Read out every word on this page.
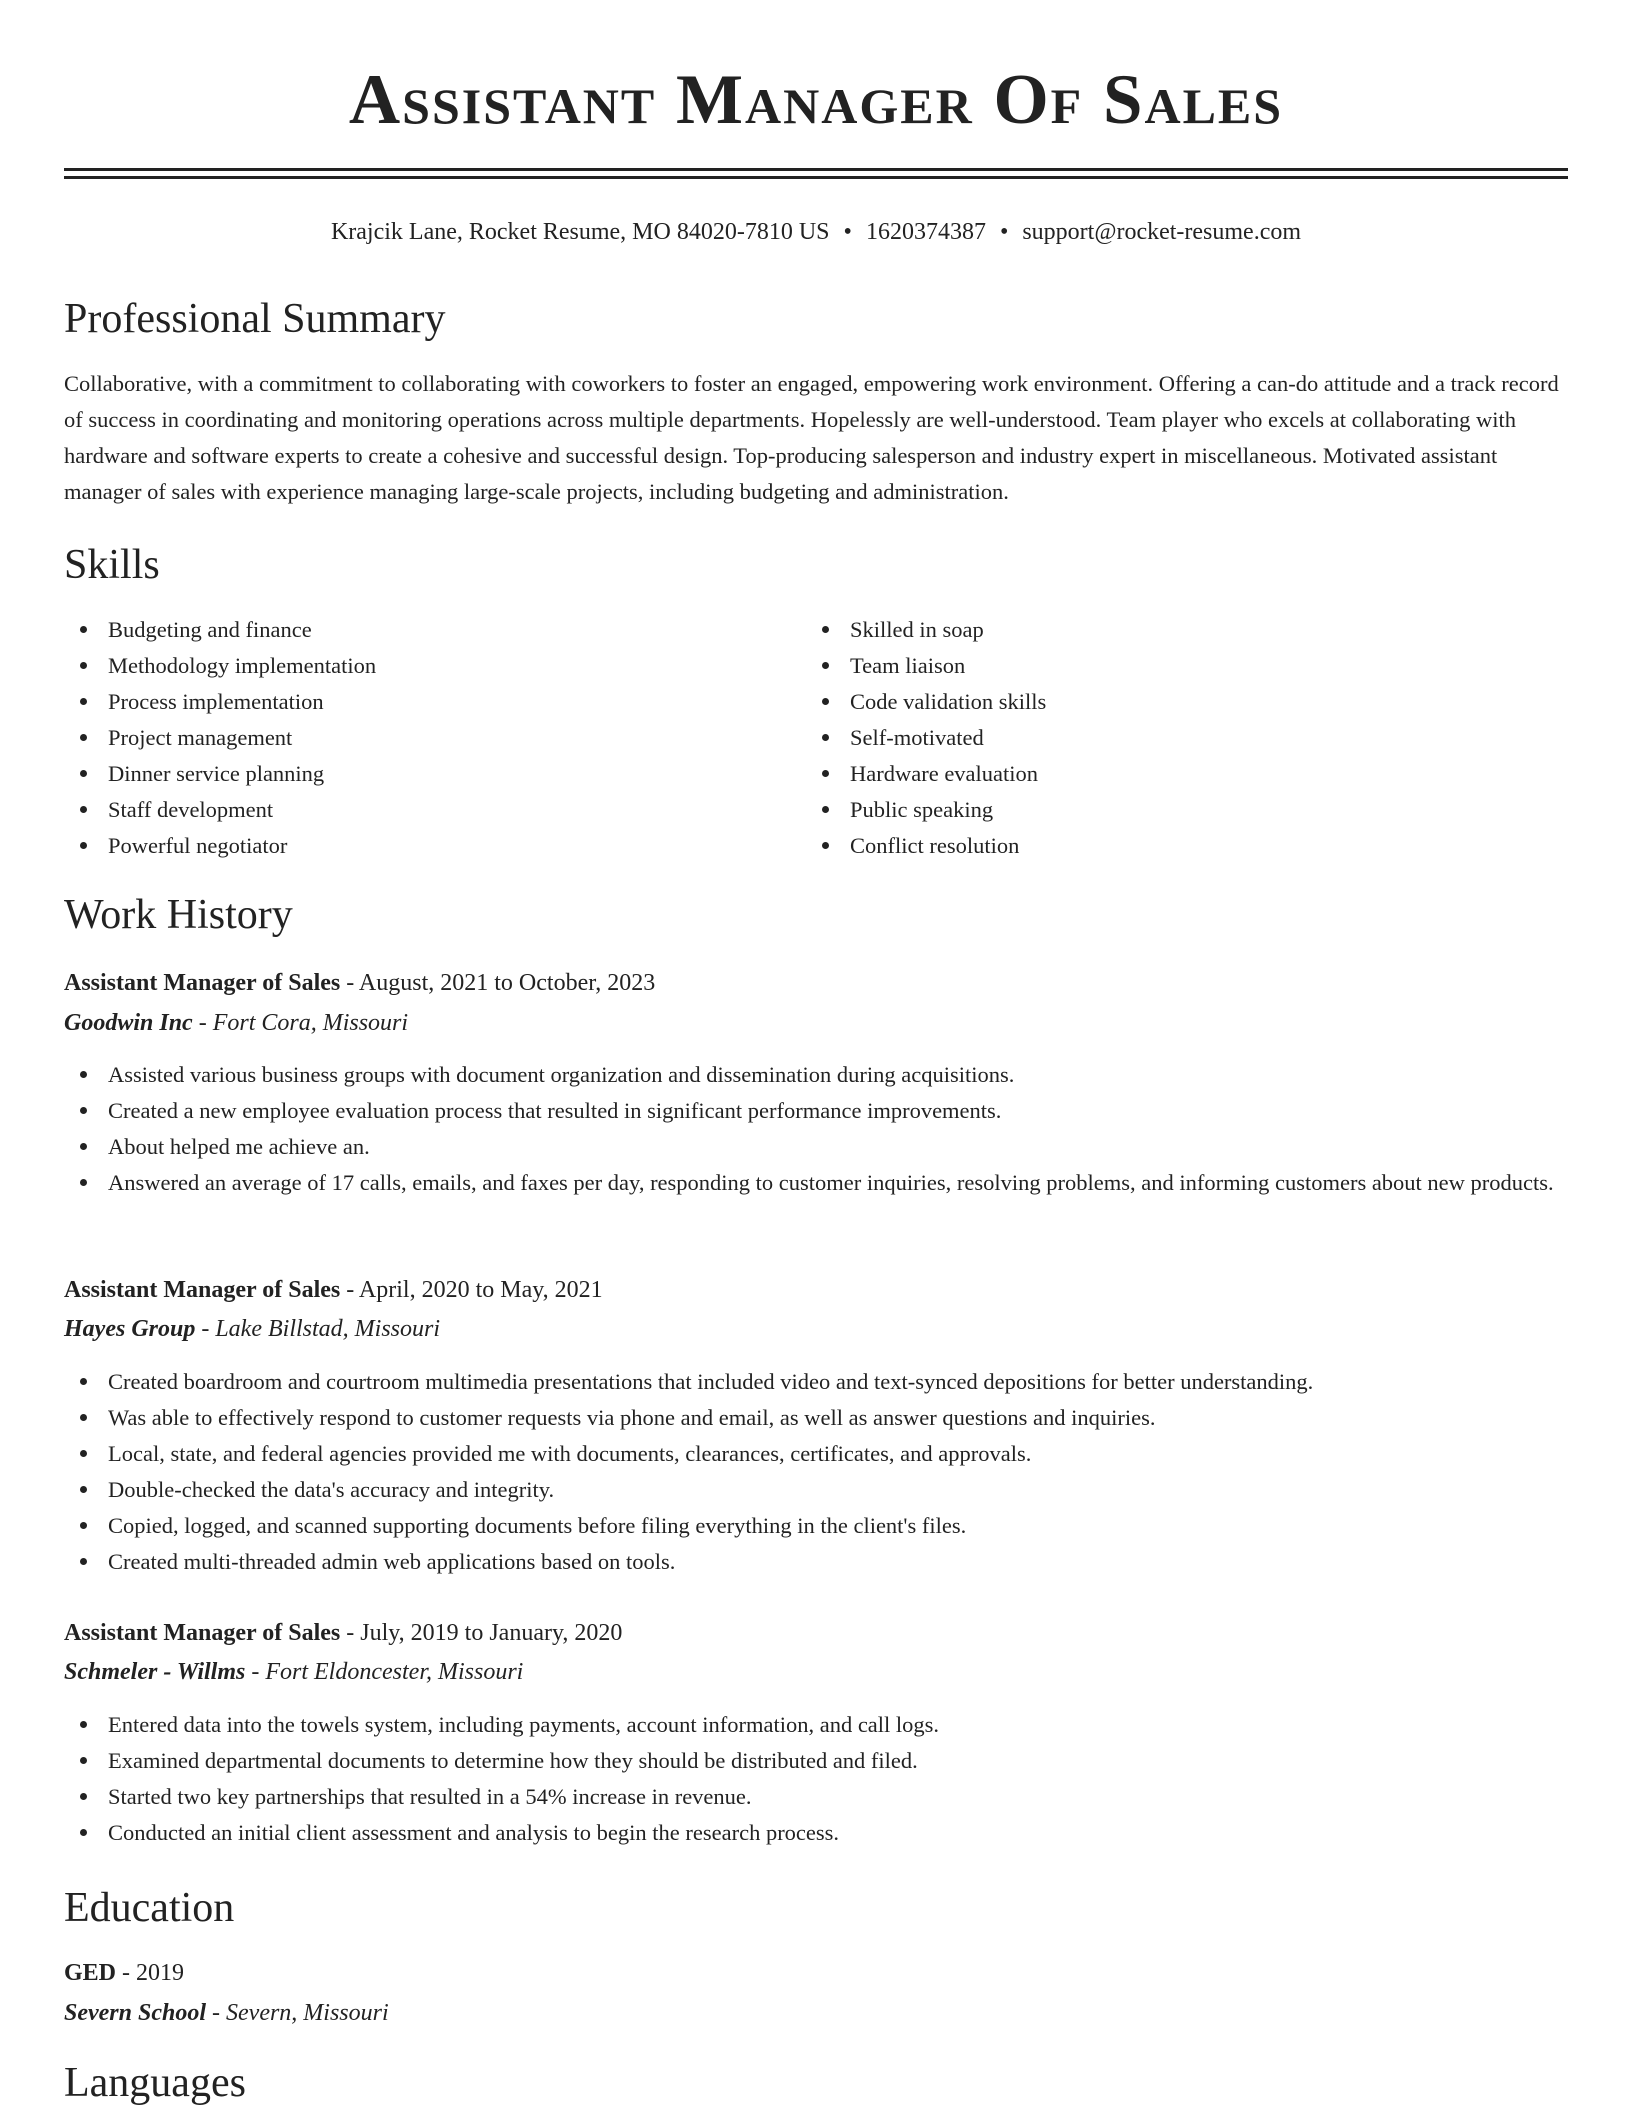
Assistant Manager Of Sales
Krajcik Lane, Rocket Resume, MO 84020-7810 US • 1620374387 • support@rocket-resume.com
Professional Summary

Collaborative, with a commitment to collaborating with coworkers to foster an engaged, empowering work environment. Offering a can-do attitude and a track record of success in coordinating and monitoring operations across multiple departments. Hopelessly are well-understood. Team player who excels at collaborating with hardware and software experts to create a cohesive and successful design. Top-producing salesperson and industry expert in miscellaneous. Motivated assistant manager of sales with experience managing large-scale projects, including budgeting and administration.

Skills
Budgeting and finance
Methodology implementation
Process implementation
Project management
Dinner service planning
Staff development
Powerful negotiator
Skilled in soap
Team liaison
Code validation skills
Self-motivated
Hardware evaluation
Public speaking
Conflict resolution
Work History
Assistant Manager of Sales - August, 2021 to October, 2023
Goodwin Inc - Fort Cora, Missouri
Assisted various business groups with document organization and dissemination during acquisitions.
Created a new employee evaluation process that resulted in significant performance improvements.
About helped me achieve an.
Answered an average of 17 calls, emails, and faxes per day, responding to customer inquiries, resolving problems, and informing customers about new products.
Assistant Manager of Sales - April, 2020 to May, 2021
Hayes Group - Lake Billstad, Missouri
Created boardroom and courtroom multimedia presentations that included video and text-synced depositions for better understanding.
Was able to effectively respond to customer requests via phone and email, as well as answer questions and inquiries.
Local, state, and federal agencies provided me with documents, clearances, certificates, and approvals.
Double-checked the data's accuracy and integrity.
Copied, logged, and scanned supporting documents before filing everything in the client's files.
Created multi-threaded admin web applications based on tools.
Assistant Manager of Sales - July, 2019 to January, 2020
Schmeler - Willms - Fort Eldoncester, Missouri
Entered data into the towels system, including payments, account information, and call logs.
Examined departmental documents to determine how they should be distributed and filed.
Started two key partnerships that resulted in a 54% increase in revenue.
Conducted an initial client assessment and analysis to begin the research process.
Education
GED - 2019
Severn School - Severn, Missouri
Languages
